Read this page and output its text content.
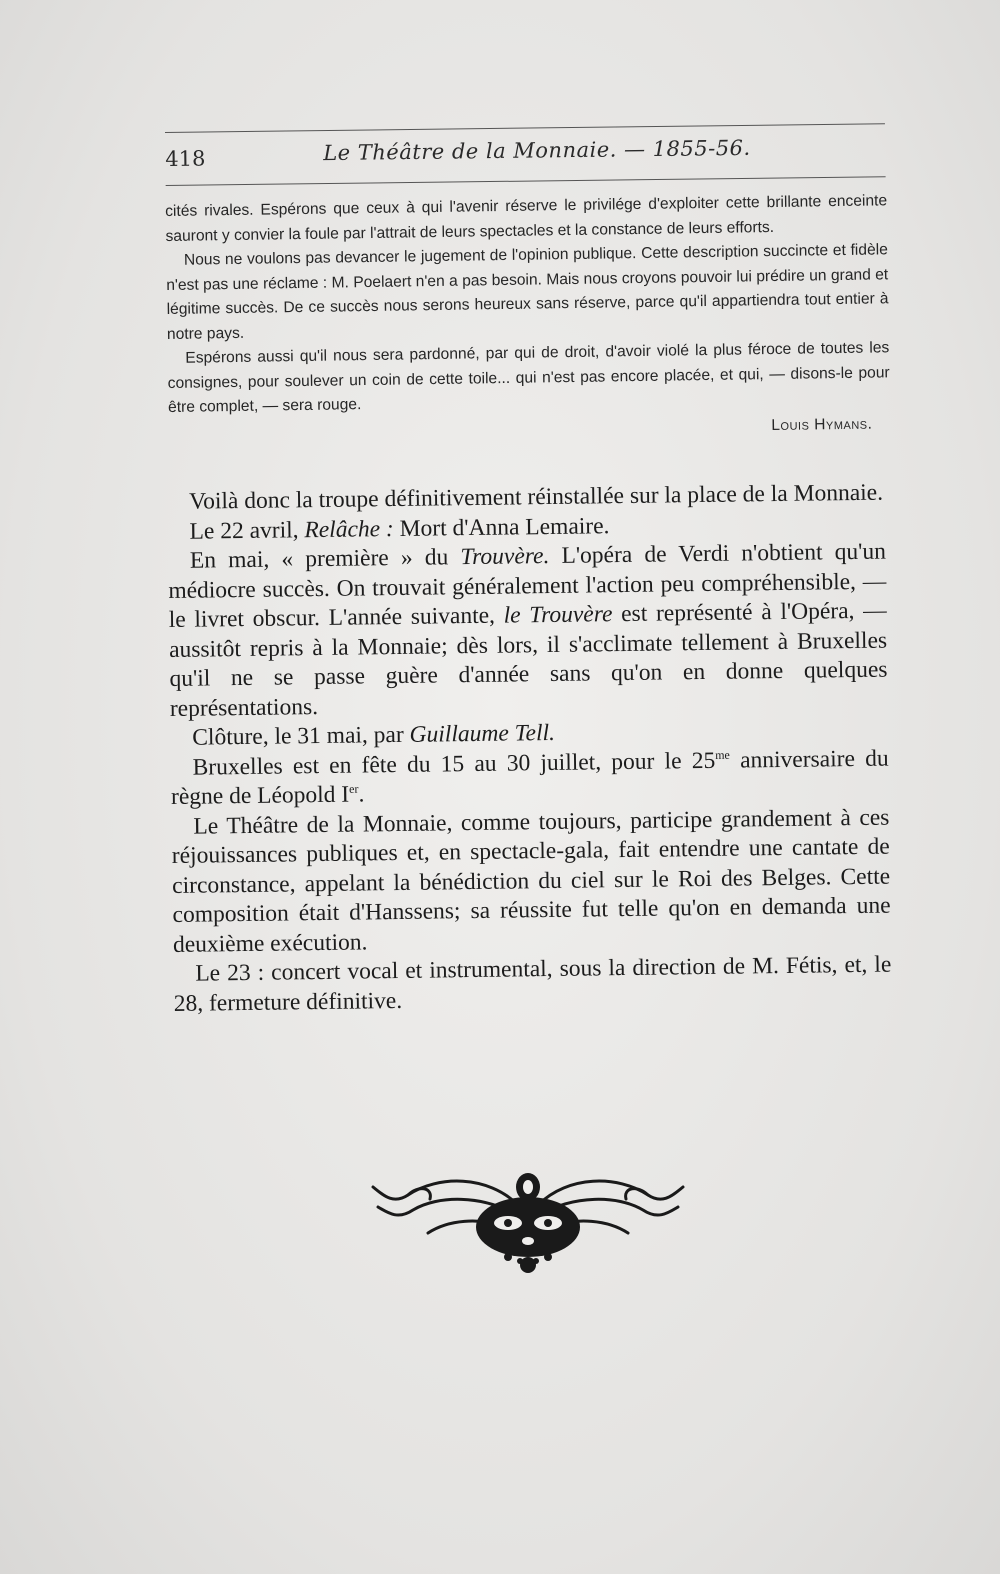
418	Le Théâtre de la Monnaie. — 1855-56.

cités rivales. Espérons que ceux à qui l'avenir réserve le privilége d'exploiter cette brillante enceinte sauront y convier la foule par l'attrait de leurs spectacles et la constance de leurs efforts.

Nous ne voulons pas devancer le jugement de l'opinion publique. Cette description succincte et fidèle n'est pas une réclame : M. Poelaert n'en a pas besoin. Mais nous croyons pouvoir lui prédire un grand et légitime succès. De ce succès nous serons heureux sans réserve, parce qu'il appartiendra tout entier à notre pays.

Espérons aussi qu'il nous sera pardonné, par qui de droit, d'avoir violé la plus féroce de toutes les consignes, pour soulever un coin de cette toile... qui n'est pas encore placée, et qui, — disons-le pour être complet, — sera rouge.

Louis Hymans.

Voilà donc la troupe définitivement réinstallée sur la place de la Monnaie.

Le 22 avril, Relâche : Mort d'Anna Lemaire.

En mai, « première » du Trouvère. L'opéra de Verdi n'obtient qu'un médiocre succès. On trouvait généralement l'action peu compréhensible, — le livret obscur. L'année suivante, le Trouvère est représenté à l'Opéra, — aussitôt repris à la Monnaie; dès lors, il s'acclimate tellement à Bruxelles qu'il ne se passe guère d'année sans qu'on en donne quelques représentations.

Clôture, le 31 mai, par Guillaume Tell.

Bruxelles est en fête du 15 au 30 juillet, pour le $25^{me}$ anniversaire du règne de Léopold Ier.

Le Théâtre de la Monnaie, comme toujours, participe grandement à ces réjouissances publiques et, en spectacle-gala, fait entendre une cantate de circonstance, appelant la bénédiction du ciel sur le Roi des Belges. Cette composition était d'Hanssens; sa réussite fut telle qu'on en demanda une deuxième exécution.

Le 23 : concert vocal et instrumental, sous la direction de M. Fétis, et, le 28, fermeture définitive.
